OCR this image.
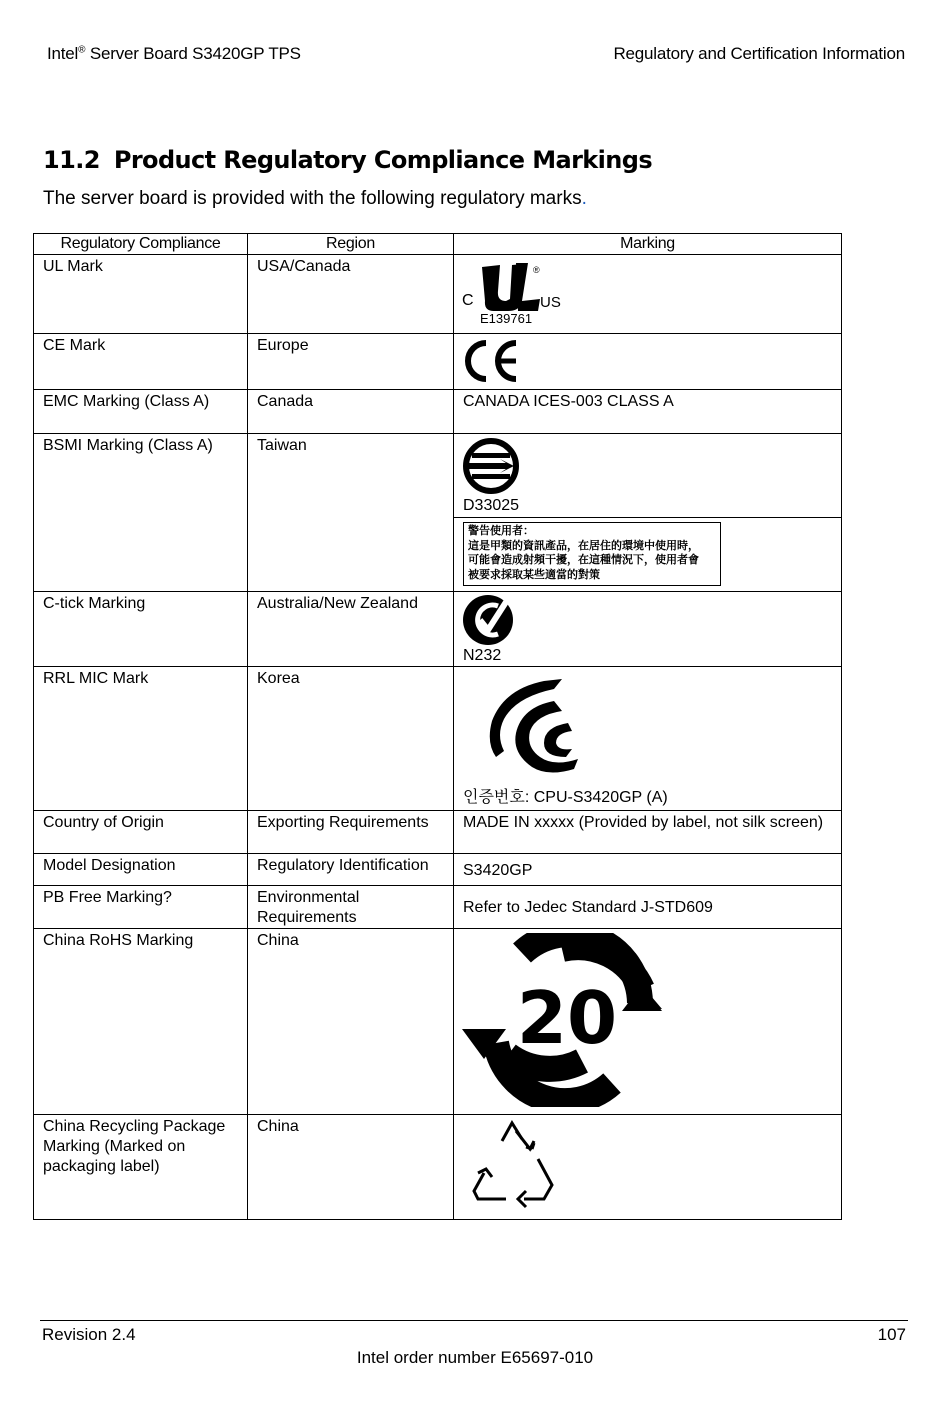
Intel® Server Board S3420GP TPS	Regulatory and Certification Information
11.2 Product Regulatory Compliance Markings
The server board is provided with the following regulatory marks.
Regulatory Compliance	Region	Marking
UL Mark	USA/Canada	C US
®
E139761

CE Mark	Europe	CE

EMC Marking (Class A)	Canada	CANADA ICES-003 CLASS A
BSMI Marking (Class A)	Taiwan	D33025
警告使用者：
這是甲類的資訊產品，在居住的環境中使用時，
可能會造成射頻干擾，在這種情況下，使用者會
被要求採取某些適當的對策

C-tick Marking	Australia/New Zealand	N232

RRL MIC Mark	Korea	인증번호: CPU-S3420GP (A)

Country of Origin	Exporting Requirements	MADE IN xxxxx (Provided by label, not silk screen)
Model Designation	Regulatory Identification	S3420GP
PB Free Marking?	Environmental Requirements	Refer to Jedec Standard J-STD609
China RoHS Marking	China	20

China Recycling Package Marking (Marked on packaging label)	China	
Revision 2.4	107
Intel order number E65697-010
